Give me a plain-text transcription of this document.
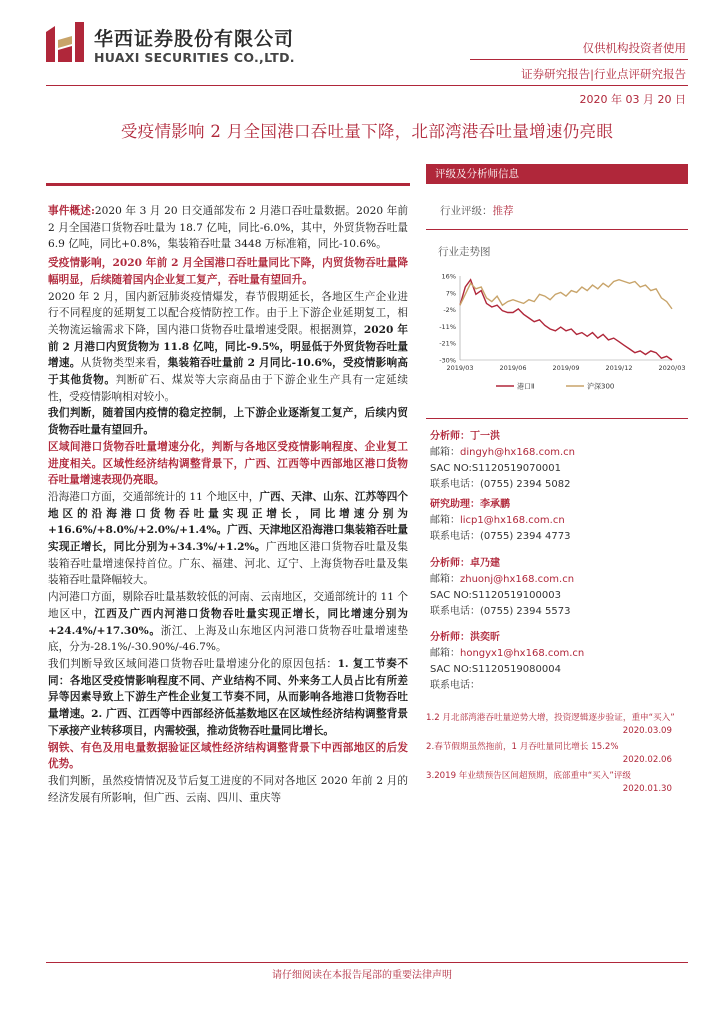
华西证券股份有限公司
HUAXI SECURITIES CO.,LTD.
仅供机构投资者使用
证券研究报告|行业点评研究报告
2020 年 03 月 20 日
受疫情影响 2 月全国港口吞吐量下降，北部湾港吞吐量增速仍亮眼

事件概述:2020 年 3 月 20 日交通部发布 2 月港口吞吐量数据。2020 年前 2 月全国港口货物吞吐量为 18.7 亿吨，同比-6.0%，其中，外贸货物吞吐量 6.9 亿吨，同比+0.8%，集装箱吞吐量 3448 万标准箱，同比-10.6%。

受疫情影响，2020 年前 2 月全国港口吞吐量同比下降，内贸货物吞吐量降幅明显，后续随着国内企业复工复产，吞吐量有望回升。

2020 年 2 月，国内新冠肺炎疫情爆发，春节假期延长，各地区生产企业进行不同程度的延期复工以配合疫情防控工作。由于上下游企业延期复工，相关物流运输需求下降，国内港口货物吞吐量增速受限。根据测算，2020 年前 2 月港口内贸货物为 11.8 亿吨，同比-9.5%，明显低于外贸货物吞吐量增速。从货物类型来看，集装箱吞吐量前 2 月同比-10.6%，受疫情影响高于其他货物。判断矿石、煤炭等大宗商品由于下游企业生产具有一定延续性，受疫情影响相对较小。

我们判断，随着国内疫情的稳定控制，上下游企业逐渐复工复产，后续内贸货物吞吐量有望回升。

区域间港口货物吞吐量增速分化，判断与各地区受疫情影响程度、企业复工进度相关。区域性经济结构调整背景下，广西、江西等中西部地区港口货物吞吐量增速表现仍亮眼。

沿海港口方面，交通部统计的 11 个地区中，广西、天津、山东、江苏等四个地区的沿海港口货物吞吐量实现正增长，同比增速分别为+16.6%/+8.0%/+2.0%/+1.4%。广西、天津地区沿海港口集装箱吞吐量实现正增长，同比分别为+34.3%/+1.2%。广西地区港口货物吞吐量及集装箱吞吐量增速保持首位。广东、福建、河北、辽宁、上海货物吞吐量及集装箱吞吐量降幅较大。

内河港口方面，剔除吞吐量基数较低的河南、云南地区，交通部统计的 11 个地区中，江西及广西内河港口货物吞吐量实现正增长，同比增速分别为+24.4%/+17.30%。浙江、上海及山东地区内河港口货物吞吐量增速垫底，分为-28.1%/-30.90%/-46.7%。

我们判断导致区域间港口货物吞吐量增速分化的原因包括：1. 复工节奏不同：各地区受疫情影响程度不同、产业结构不同、外来务工人员占比有所差异等因素导致上下游生产性企业复工节奏不同，从而影响各地港口货物吞吐量增速。2. 广西、江西等中西部经济低基数地区在区域性经济结构调整背景下承接产业转移项目，内需较强，推动货物吞吐量同比增长。

钢铁、有色及用电量数据验证区域性经济结构调整背景下中西部地区的后发优势。

我们判断，虽然疫情情况及节后复工进度的不同对各地区 2020 年前 2 月的经济发展有所影响，但广西、云南、四川、重庆等

评级及分析师信息
行业评级：推荐
行业走势图
16%
7%
-2%
-11%
-21%
-30%
2019/03	2019/06	2019/09	2019/12	2020/03
港口Ⅱ	沪深300
分析师：丁一洪
邮箱：dingyh@hx168.com.cn
SAC NO:S1120519070001
联系电话：(0755) 2394 5082
研究助理：李承鹏
邮箱：licp1@hx168.com.cn
联系电话：(0755) 2394 4773
分析师：卓乃建
邮箱：zhuonj@hx168.com.cn
SAC NO:S1120519100003
联系电话：(0755) 2394 5573
分析师：洪奕昕
邮箱：hongyx1@hx168.com.cn
SAC NO:S1120519080004
联系电话：
1.2 月北部湾港吞吐量逆势大增，投资逻辑逐步验证，重申“买入”
2020.03.09
2.春节假期虽然拖前，1 月吞吐量同比增长 15.2%
2020.02.06
3.2019 年业绩预告区间超预期，底部重申“买入”评级
2020.01.30
请仔细阅读在本报告尾部的重要法律声明
